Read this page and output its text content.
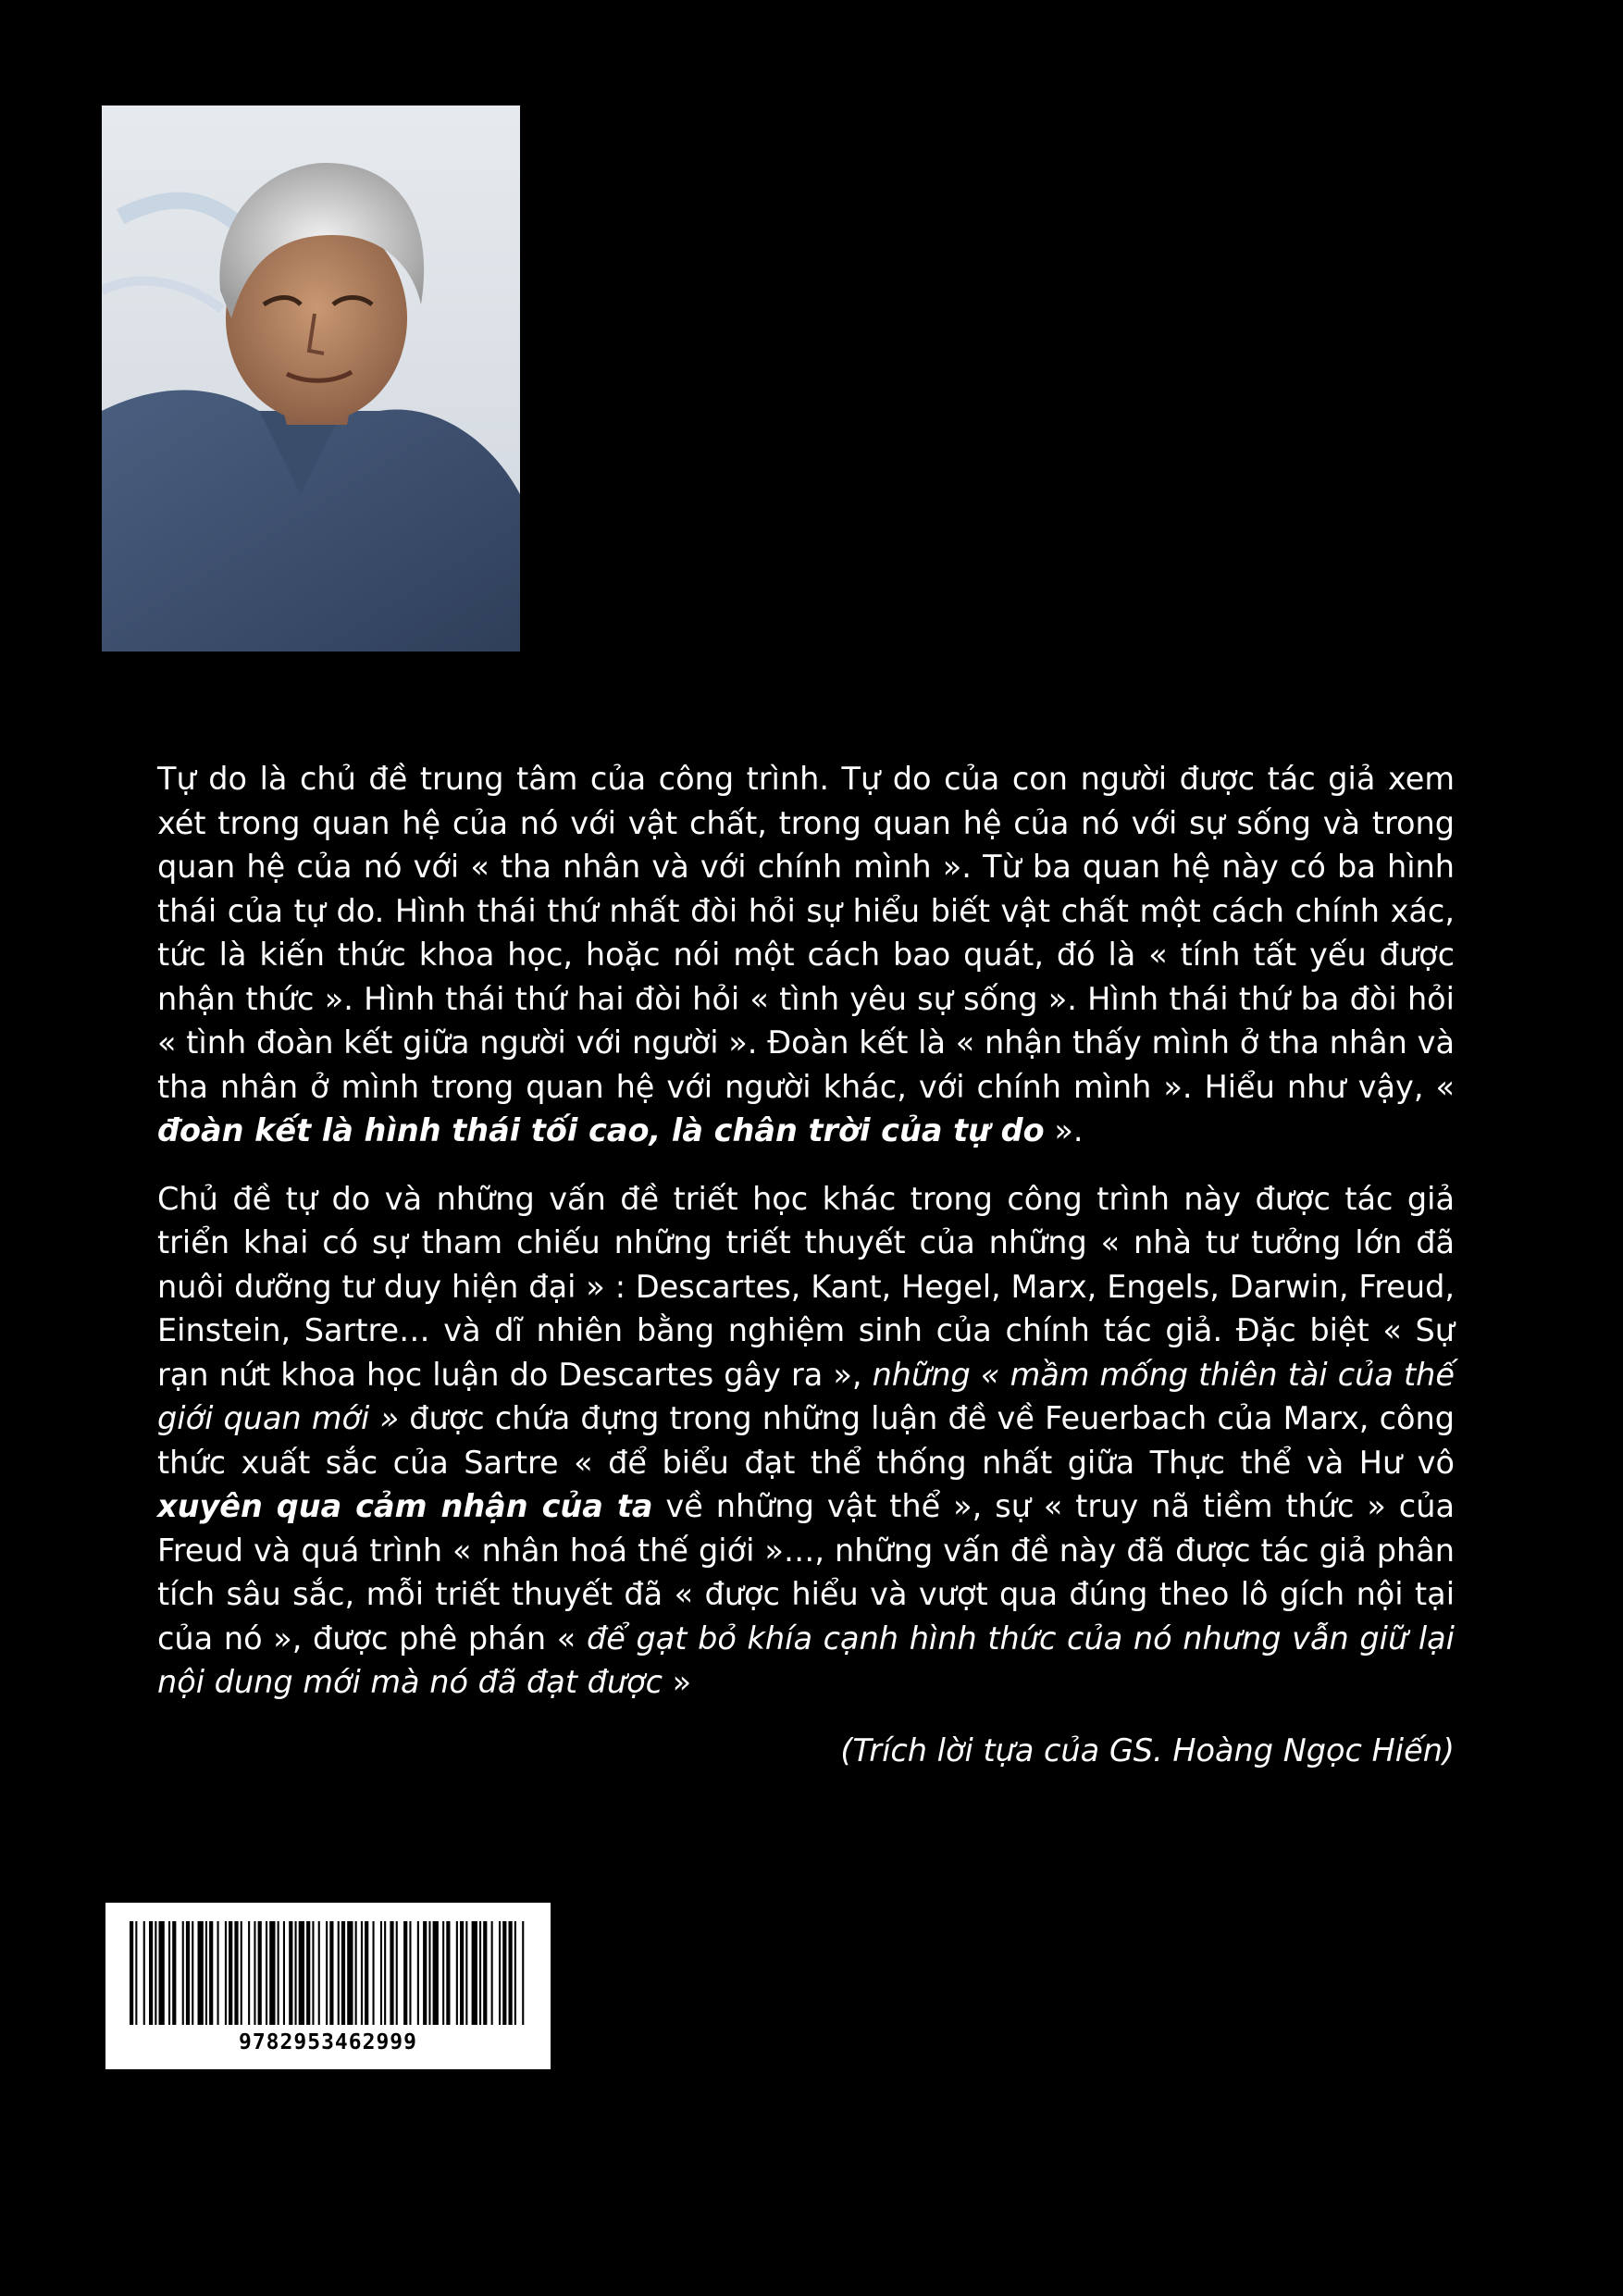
Tự do là chủ đề trung tâm của công trình. Tự do của con người được tác giả xem xét trong quan hệ của nó với vật chất, trong quan hệ của nó với sự sống và trong quan hệ của nó với « tha nhân và với chính mình ». Từ ba quan hệ này có ba hình thái của tự do. Hình thái thứ nhất đòi hỏi sự hiểu biết vật chất một cách chính xác, tức là kiến thức khoa học, hoặc nói một cách bao quát, đó là « tính tất yếu được nhận thức ». Hình thái thứ hai đòi hỏi « tình yêu sự sống ». Hình thái thứ ba đòi hỏi « tình đoàn kết giữa người với người ». Đoàn kết là « nhận thấy mình ở tha nhân và tha nhân ở mình trong quan hệ với người khác, với chính mình ». Hiểu như vậy, « đoàn kết là hình thái tối cao, là chân trời của tự do ».

Chủ đề tự do và những vấn đề triết học khác trong công trình này được tác giả triển khai có sự tham chiếu những triết thuyết của những « nhà tư tưởng lớn đã nuôi dưỡng tư duy hiện đại » : Descartes, Kant, Hegel, Marx, Engels, Darwin, Freud, Einstein, Sartre… và dĩ nhiên bằng nghiệm sinh của chính tác giả. Đặc biệt « Sự rạn nứt khoa học luận do Descartes gây ra », những « mầm mống thiên tài của thế giới quan mới » được chứa đựng trong những luận đề về Feuerbach của Marx, công thức xuất sắc của Sartre « để biểu đạt thể thống nhất giữa Thực thể và Hư vô xuyên qua cảm nhận của ta về những vật thể », sự « truy nã tiềm thức » của Freud và quá trình « nhân hoá thế giới »…, những vấn đề này đã được tác giả phân tích sâu sắc, mỗi triết thuyết đã « được hiểu và vượt qua đúng theo lô gích nội tại của nó », được phê phán « để gạt bỏ khía cạnh hình thức của nó nhưng vẫn giữ lại nội dung mới mà nó đã đạt được »

(Trích lời tựa của GS. Hoàng Ngọc Hiến)
9782953462999
